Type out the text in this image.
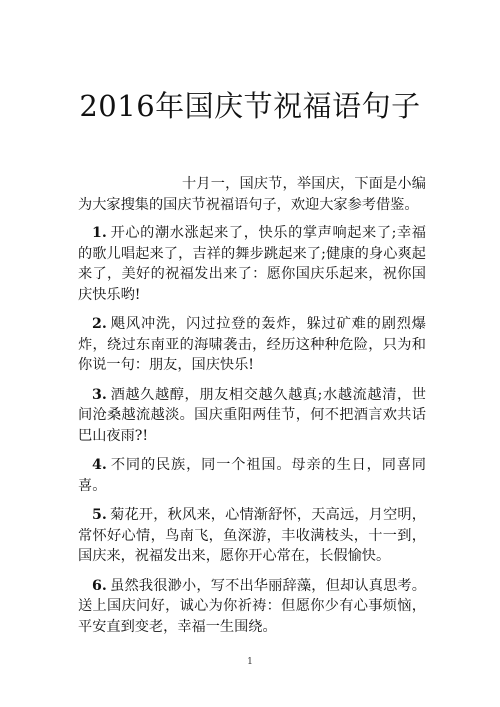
2016年国庆节祝福语句子

十月一，国庆节，举国庆，下面是小编为大家搜集的国庆节祝福语句子，欢迎大家参考借鉴。

1. 开心的潮水涨起来了，快乐的掌声响起来了;幸福的歌儿唱起来了，吉祥的舞步跳起来了;健康的身心爽起来了，美好的祝福发出来了：愿你国庆乐起来，祝你国庆快乐哟!

2. 飓风冲洗，闪过拉登的轰炸，躲过矿难的剧烈爆炸，绕过东南亚的海啸袭击，经历这种种危险，只为和你说一句：朋友，国庆快乐!

3. 酒越久越醇，朋友相交越久越真;水越流越清，世间沧桑越流越淡。国庆重阳两佳节，何不把酒言欢共话巴山夜雨?!

4. 不同的民族，同一个祖国。母亲的生日，同喜同喜。

5. 菊花开，秋风来，心情渐舒怀，天高远，月空明，常怀好心情，鸟南飞，鱼深游，丰收满枝头，十一到，国庆来，祝福发出来，愿你开心常在，长假愉快。

6. 虽然我很渺小，写不出华丽辞藻，但却认真思考。送上国庆问好，诚心为你祈祷：但愿你少有心事烦恼，平安直到变老，幸福一生围绕。

1
